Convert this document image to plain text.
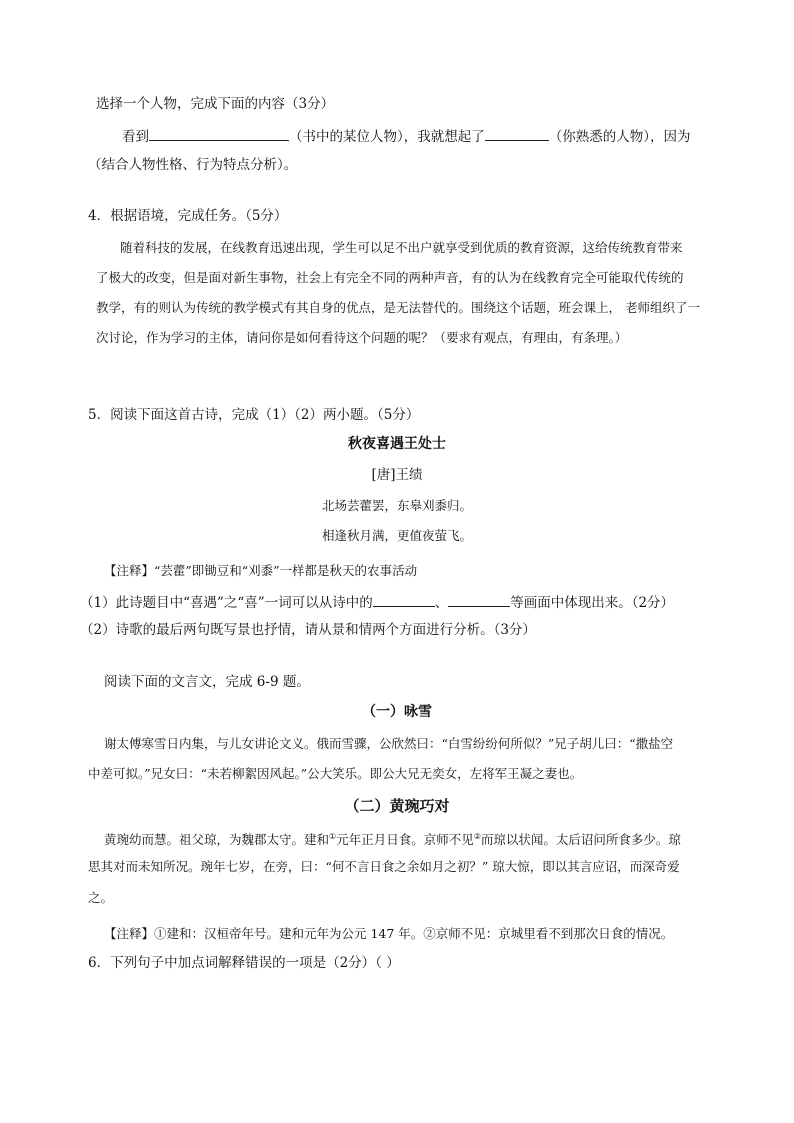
选择一个人物，完成下面的内容（3分）
看到	（书中的某位人物），我就想起了	（你熟悉的人物），因为
（结合人物性格、行为特点分析）。
4．根据语境，完成任务。（5分）
随着科技的发展，在线教育迅速出现，学生可以足不出户就享受到优质的教育资源，这给传统教育带来
了极大的改变，但是面对新生事物，社会上有完全不同的两种声音，有的认为在线教育完全可能取代传统的
教学，有的则认为传统的教学模式有其自身的优点，是无法替代的。围绕这个话题，班会课上， 老师组织了一
次讨论，作为学习的主体，请问你是如何看待这个问题的呢？（要求有观点，有理由，有条理。）
5．阅读下面这首古诗，完成（1）（2）两小题。（5分）
秋夜喜遇王处士
[唐]王绩
北场芸藿罢，东皋刈黍归。
相逢秋月满，更值夜萤飞。
【注释】“芸藿”即锄豆和“刈黍”一样都是秋天的农事活动
（1）此诗题目中“喜遇”之“喜”一词可以从诗中的	、	等画面中体现出来。（2分）
（2）诗歌的最后两句既写景也抒情，请从景和情两个方面进行分析。（3分）
阅读下面的文言文，完成 6-9 题。
（一）咏雪
谢太傅寒雪日内集，与儿女讲论文义。俄而雪骤，公欣然曰：“白雪纷纷何所似？”兄子胡儿曰：“撒盐空
中差可拟。”兄女曰：“未若柳絮因风起。”公大笑乐。即公大兄无奕女，左将军王凝之妻也。
（二）黄琬巧对
黄琬幼而慧。祖父琼，为魏郡太守。建和①元年正月日食。京师不见②而琼以状闻。太后诏问所食多少。琼
思其对而未知所况。琬年七岁，在旁，曰：“何不言日食之余如月之初？” 琼大惊，即以其言应诏，而深奇爱
之。
【注释】①建和：汉桓帝年号。建和元年为公元 147 年。②京师不见：京城里看不到那次日食的情况。
6．下列句子中加点词解释错误的一项是（2分）（ ）
